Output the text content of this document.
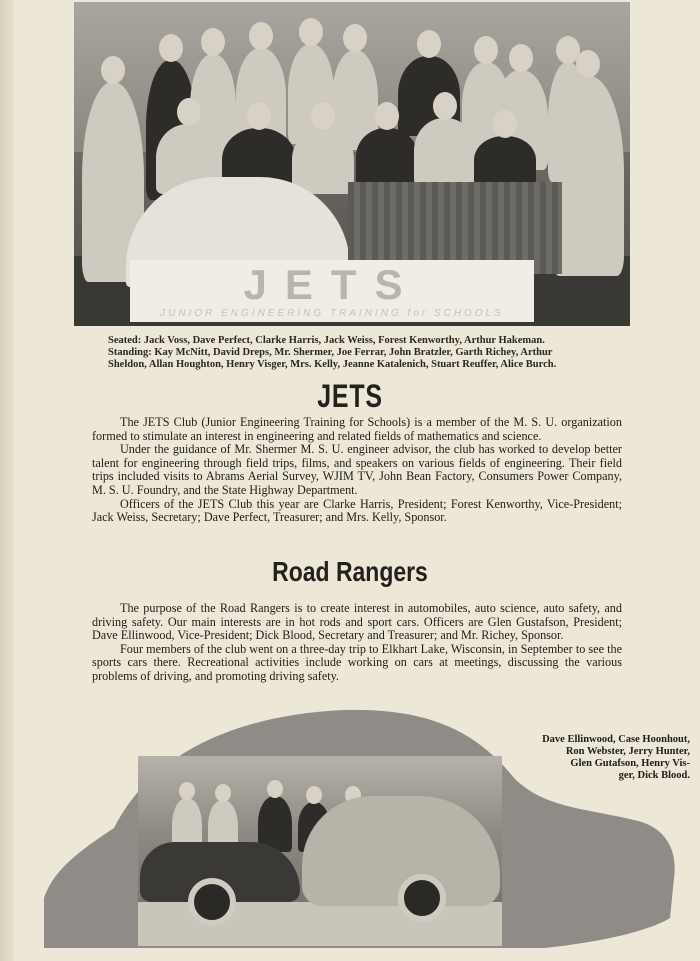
JETS
JUNIOR ENGINEERING TRAINING for SCHOOLS
Seated: Jack Voss, Dave Perfect, Clarke Harris, Jack Weiss, Forest Kenworthy, Arthur Hakeman.
Standing: Kay McNitt, David Dreps, Mr. Shermer, Joe Ferrar, John Bratzler, Garth Richey, Arthur
Sheldon, Allan Houghton, Henry Visger, Mrs. Kelly, Jeanne Katalenich, Stuart Reuffer, Alice Burch.
JETS

The JETS Club (Junior Engineering Training for Schools) is a member of the M. S. U. organization formed to stimulate an interest in engineering and related fields of mathematics and science.

Under the guidance of Mr. Shermer M. S. U. engineer advisor, the club has worked to develop better talent for engineering through field trips, films, and speakers on various fields of engineering. Their field trips included visits to Abrams Aerial Survey, WJIM TV, John Bean Factory, Consumers Power Company, M. S. U. Foundry, and the State Highway Department.

Officers of the JETS Club this year are Clarke Harris, President; Forest Kenworthy, Vice-President; Jack Weiss, Secretary; Dave Perfect, Treasurer; and Mrs. Kelly, Sponsor.

Road Rangers

The purpose of the Road Rangers is to create interest in automobiles, auto science, auto safety, and driving safety. Our main interests are in hot rods and sport cars. Officers are Glen Gustafson, President; Dave Ellinwood, Vice-President; Dick Blood, Secretary and Treasurer; and Mr. Richey, Sponsor.

Four members of the club went on a three-day trip to Elkhart Lake, Wisconsin, in September to see the sports cars there. Recreational activities include working on cars at meetings, discussing the various problems of driving, and promoting driving safety.

Dave Ellinwood, Case Hoonhout,
Ron Webster, Jerry Hunter,
Glen Gutafson, Henry Vis-
ger, Dick Blood.
